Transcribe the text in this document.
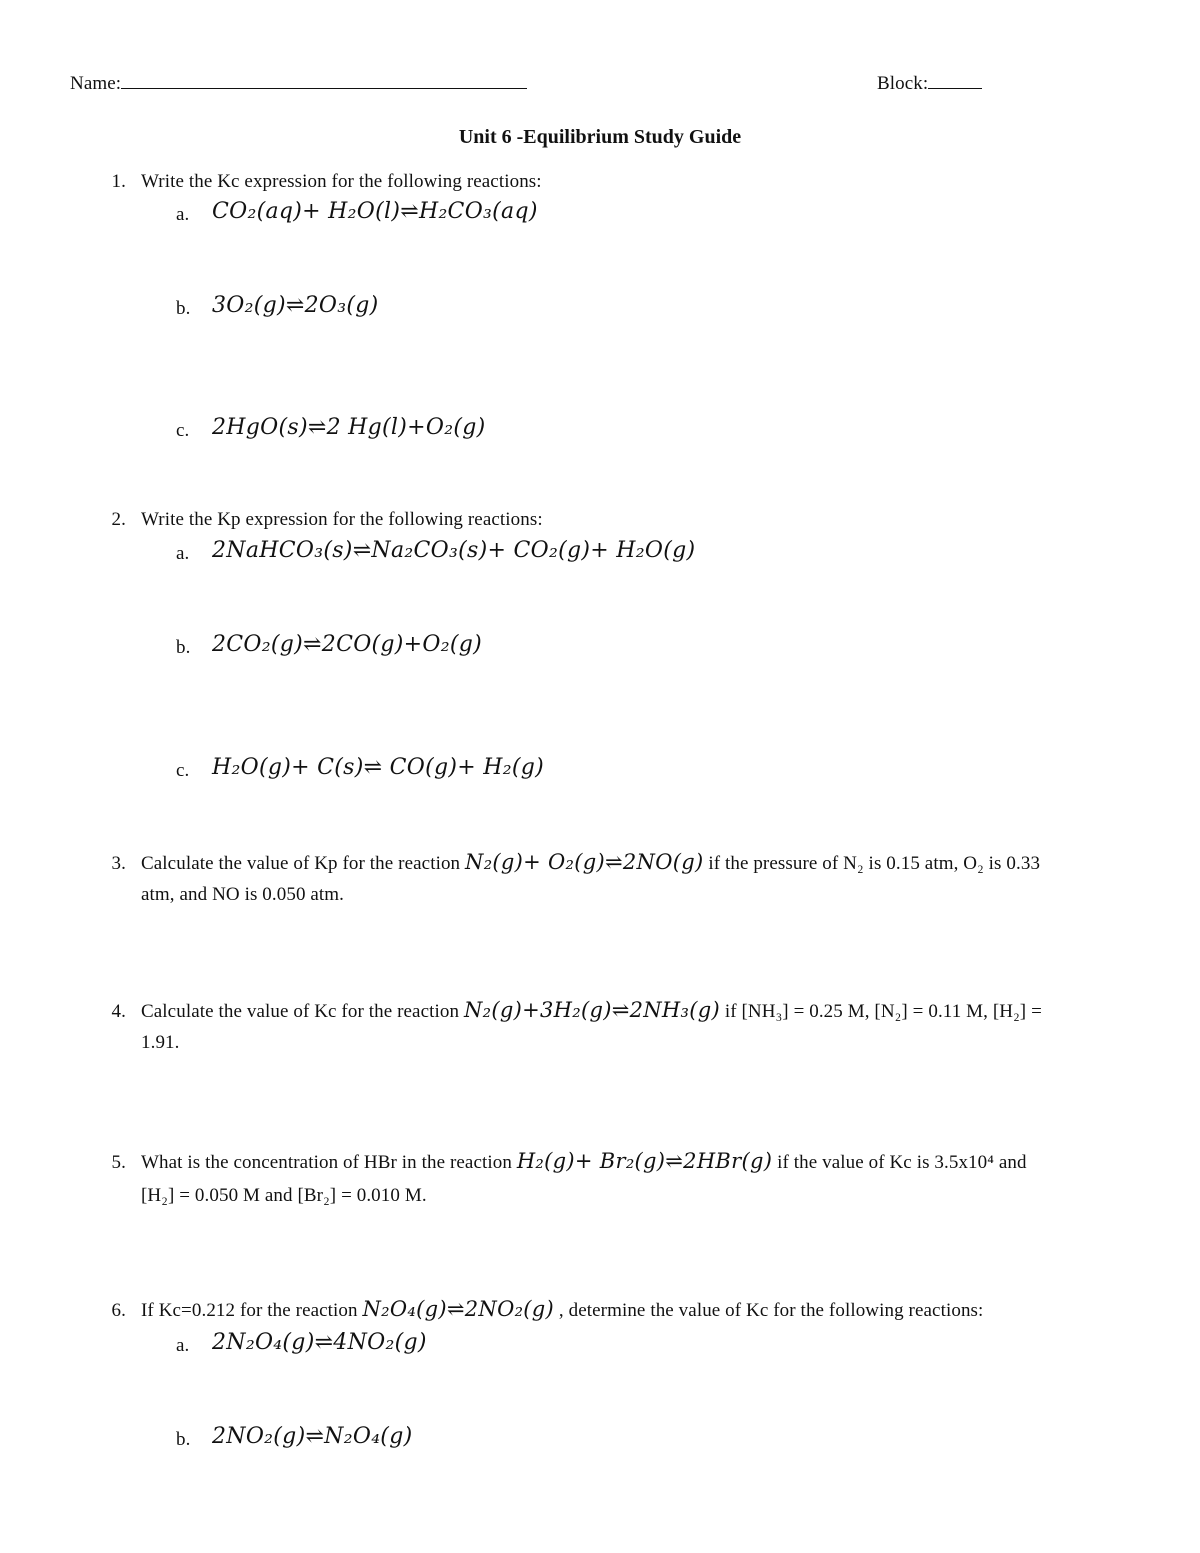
Name:	Block:
Unit 6 -Equilibrium Study Guide
1. Write the Kc expression for the following reactions:
a. CO₂(aq)+ H₂O(l)⇌H₂CO₃(aq)
b. 3O₂(g)⇌2O₃(g)
c. 2HgO(s)⇌2 Hg(l)+O₂(g)
2. Write the Kp expression for the following reactions:
a. 2NaHCO₃(s)⇌Na₂CO₃(s)+ CO₂(g)+ H₂O(g)
b. 2CO₂(g)⇌2CO(g)+O₂(g)
c. H₂O(g)+ C(s)⇌ CO(g)+ H₂(g)
3. Calculate the value of Kp for the reaction N₂(g)+ O₂(g)⇌2NO(g) if the pressure of N₂ is 0.15 atm, O₂ is 0.33
atm, and NO is 0.050 atm.
4. Calculate the value of Kc for the reaction N₂(g)+3H₂(g)⇌2NH₃(g) if [NH₃] = 0.25 M, [N₂] = 0.11 M, [H₂] =
1.91.
5. What is the concentration of HBr in the reaction H₂(g)+ Br₂(g)⇌2HBr(g) if the value of Kc is 3.5x10⁴ and
[H₂] = 0.050 M and [Br₂] = 0.010 M.
6. If Kc=0.212 for the reaction N₂O₄(g)⇌2NO₂(g) , determine the value of Kc for the following reactions:
a. 2N₂O₄(g)⇌4NO₂(g)
b. 2NO₂(g)⇌N₂O₄(g)
